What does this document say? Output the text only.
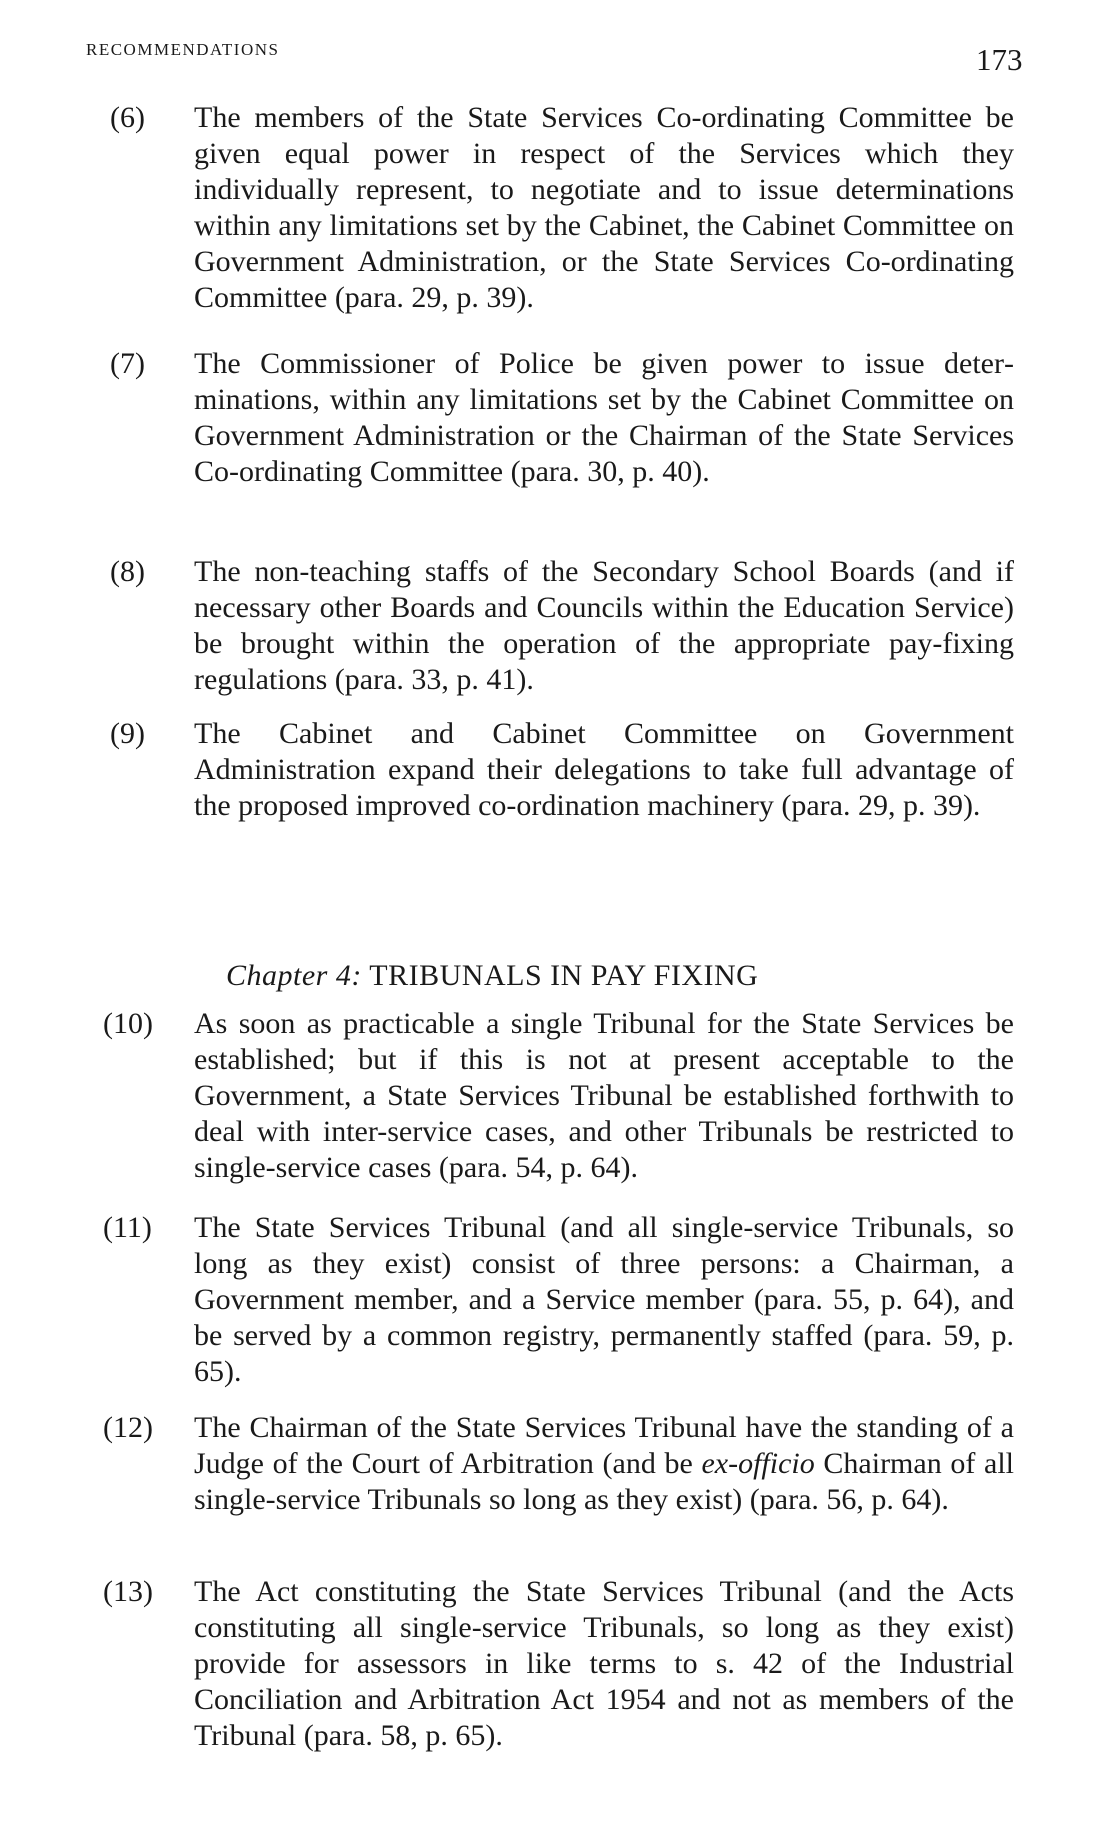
RECOMMENDATIONS	173
(6) The members of the State Services Co-ordinating Committee be given equal power in respect of the Services which they individually represent, to negotiate and to issue determinations within any limitations set by the Cabinet, the Cabinet Committee on Government Administration, or the State Services Co-ordinating Committee (para. 29, p. 39).
(7) The Commissioner of Police be given power to issue determinations, within any limitations set by the Cabinet Committee on Government Administration or the Chairman of the State Services Co-ordinating Committee (para. 30, p. 40).
(8) The non-teaching staffs of the Secondary School Boards (and if necessary other Boards and Councils within the Education Service) be brought within the operation of the appropriate pay-fixing regulations (para. 33, p. 41).
(9) The Cabinet and Cabinet Committee on Government Administration expand their delegations to take full advantage of the proposed improved co-ordination machinery (para. 29, p. 39).
Chapter 4: TRIBUNALS IN PAY FIXING
(10) As soon as practicable a single Tribunal for the State Services be established; but if this is not at present acceptable to the Government, a State Services Tribunal be established forthwith to deal with inter-service cases, and other Tribunals be restricted to single-service cases (para. 54, p. 64).
(11) The State Services Tribunal (and all single-service Tribunals, so long as they exist) consist of three persons: a Chairman, a Government member, and a Service member (para. 55, p. 64), and be served by a common registry, permanently staffed (para. 59, p. 65).
(12) The Chairman of the State Services Tribunal have the standing of a Judge of the Court of Arbitration (and be ex-officio Chairman of all single-service Tribunals so long as they exist) (para. 56, p. 64).
(13) The Act constituting the State Services Tribunal (and the Acts constituting all single-service Tribunals, so long as they exist) provide for assessors in like terms to s. 42 of the Industrial Conciliation and Arbitration Act 1954 and not as members of the Tribunal (para. 58, p. 65).
